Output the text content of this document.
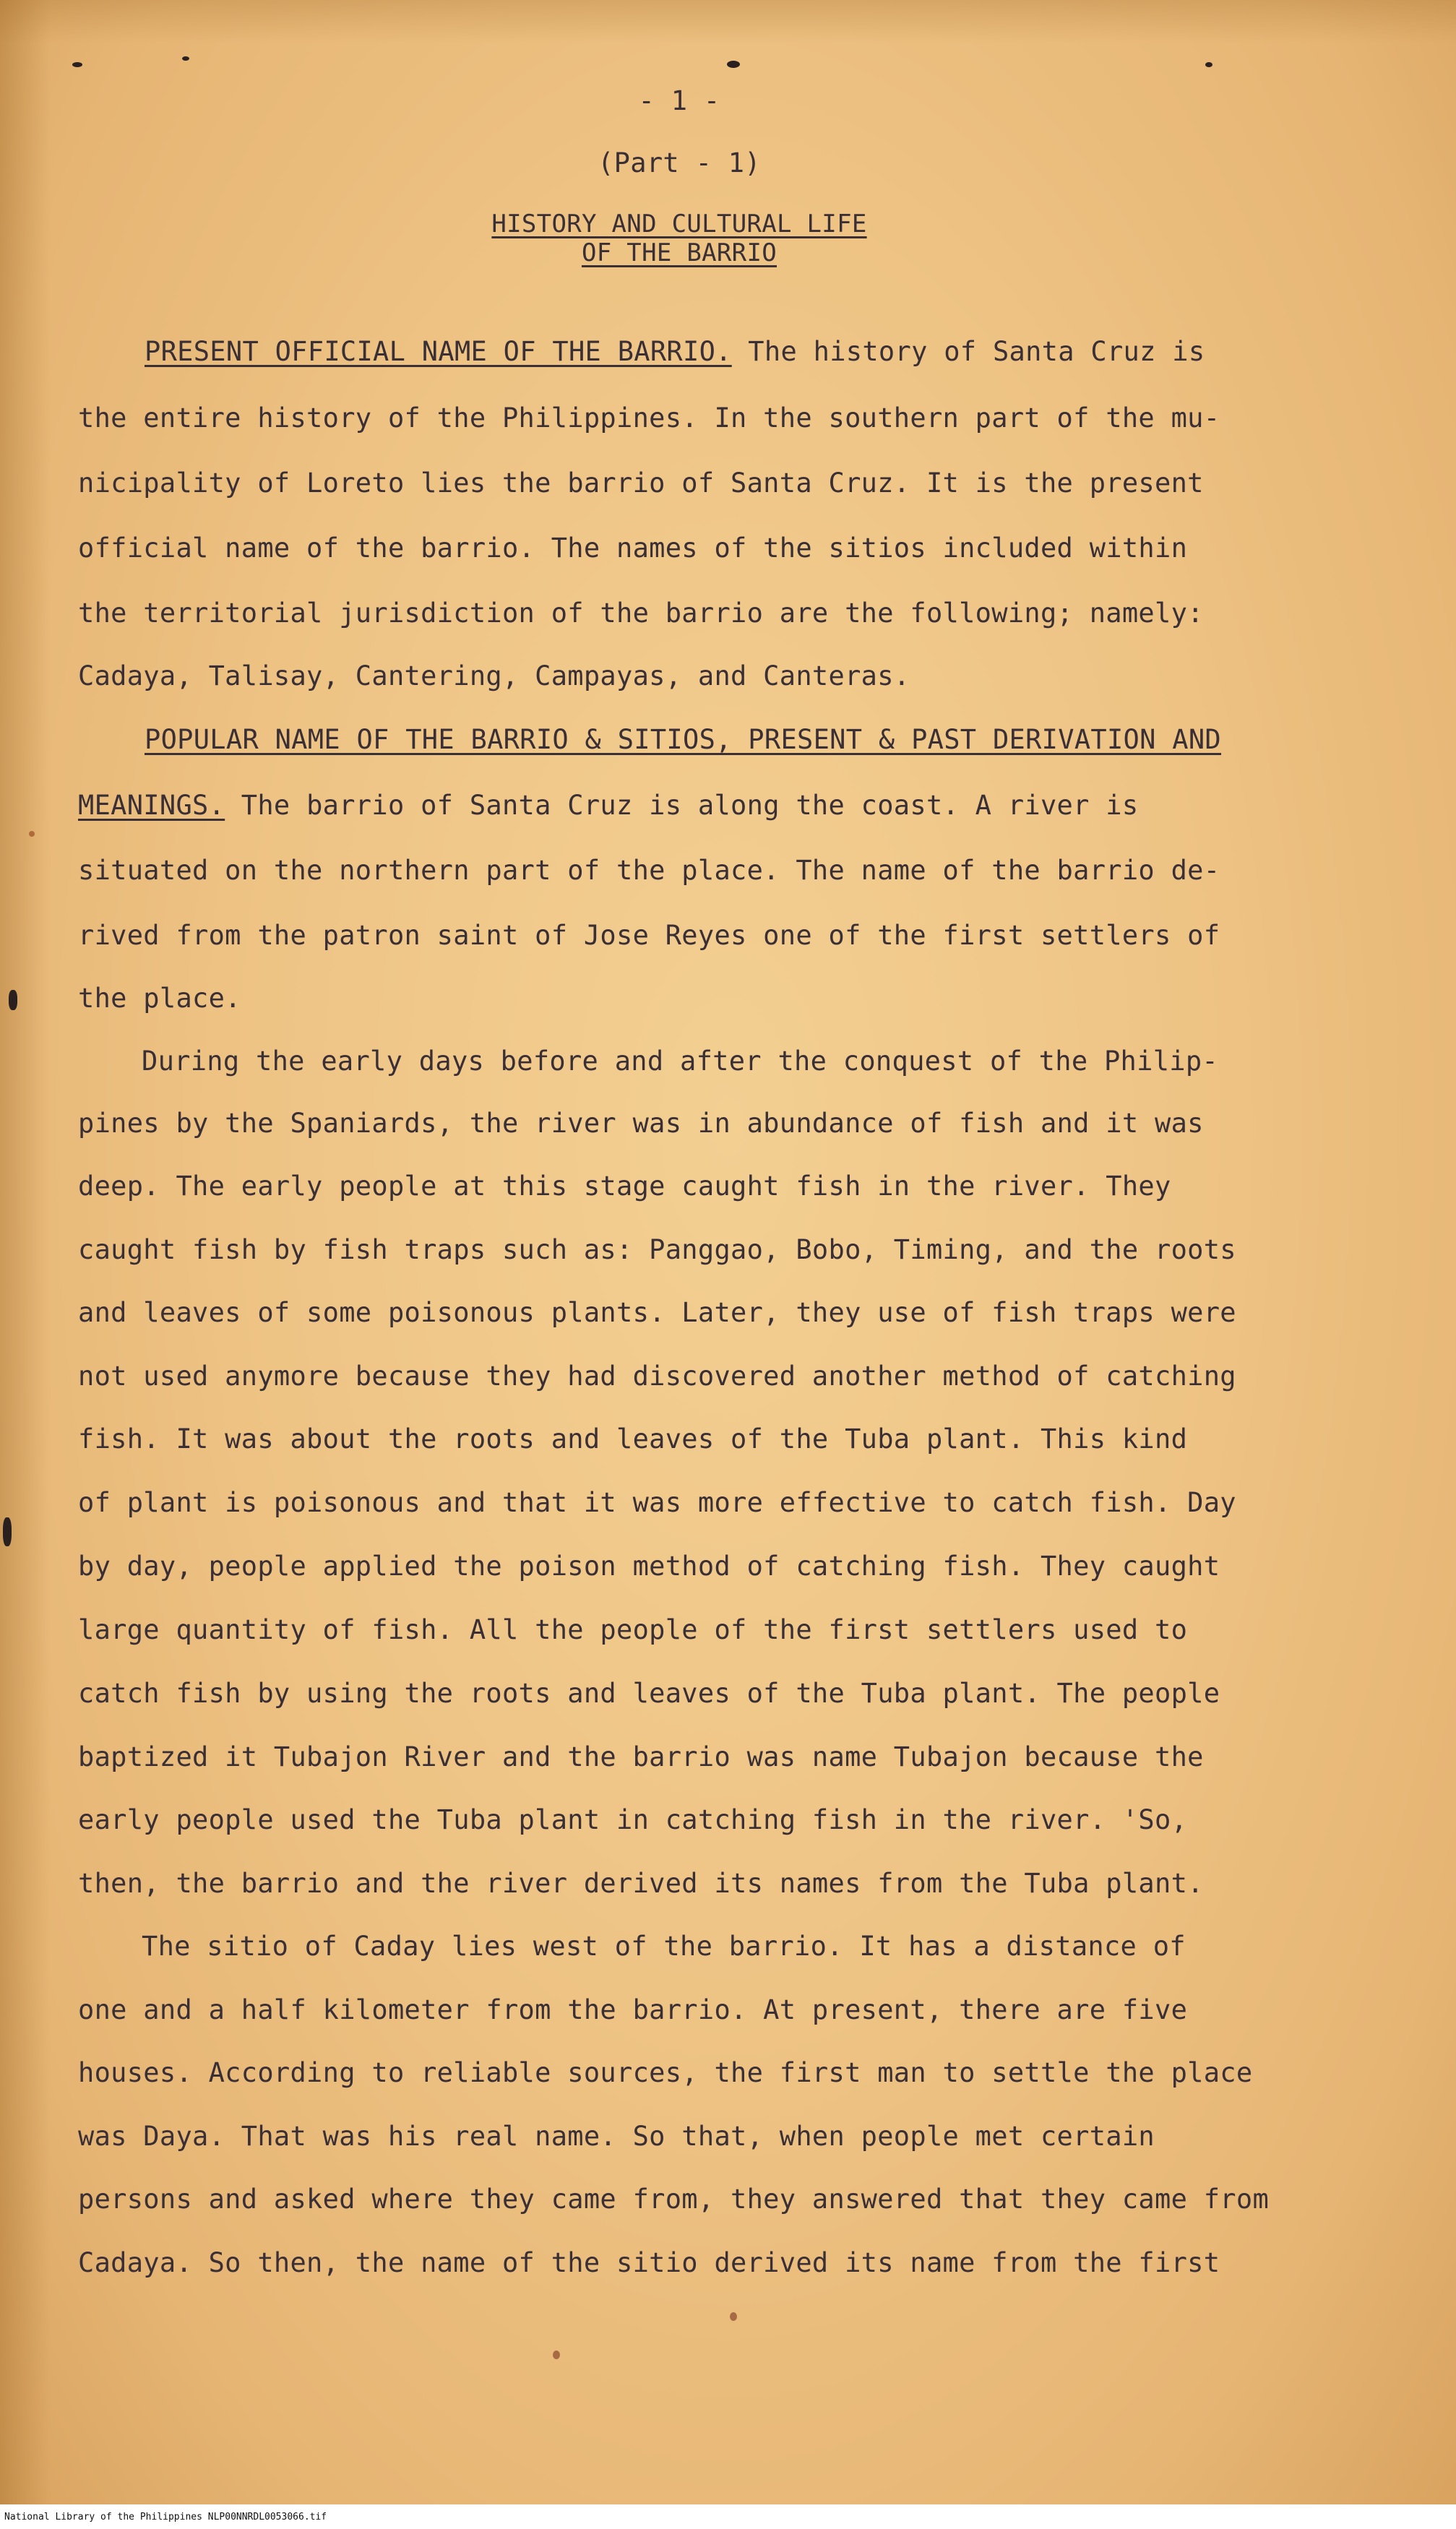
- 1 -
(Part - 1)
HISTORY AND CULTURAL LIFE
OF THE BARRIO
PRESENT OFFICIAL NAME OF THE BARRIO. The history of Santa Cruz is
the entire history of the Philippines. In the southern part of the mu-
nicipality of Loreto lies the barrio of Santa Cruz. It is the present
official name of the barrio. The names of the sitios included within
the territorial jurisdiction of the barrio are the following; namely:
Cadaya, Talisay, Cantering, Campayas, and Canteras.
POPULAR NAME OF THE BARRIO & SITIOS, PRESENT & PAST DERIVATION AND
MEANINGS. The barrio of Santa Cruz is along the coast. A river is
situated on the northern part of the place. The name of the barrio de-
rived from the patron saint of Jose Reyes one of the first settlers of
the place.
During the early days before and after the conquest of the Philip-
pines by the Spaniards, the river was in abundance of fish and it was
deep. The early people at this stage caught fish in the river. They
caught fish by fish traps such as: Panggao, Bobo, Timing, and the roots
and leaves of some poisonous plants. Later, they use of fish traps were
not used anymore because they had discovered another method of catching
fish. It was about the roots and leaves of the Tuba plant. This kind
of plant is poisonous and that it was more effective to catch fish. Day
by day, people applied the poison method of catching fish. They caught
large quantity of fish. All the people of the first settlers used to
catch fish by using the roots and leaves of the Tuba plant. The people
baptized it Tubajon River and the barrio was name Tubajon because the
early people used the Tuba plant in catching fish in the river. 'So,
then, the barrio and the river derived its names from the Tuba plant.
The sitio of Caday lies west of the barrio. It has a distance of
one and a half kilometer from the barrio. At present, there are five
houses. According to reliable sources, the first man to settle the place
was Daya. That was his real name. So that, when people met certain
persons and asked where they came from, they answered that they came from
Cadaya. So then, the name of the sitio derived its name from the first
National Library of the Philippines NLP00NNRDL0053066.tif
